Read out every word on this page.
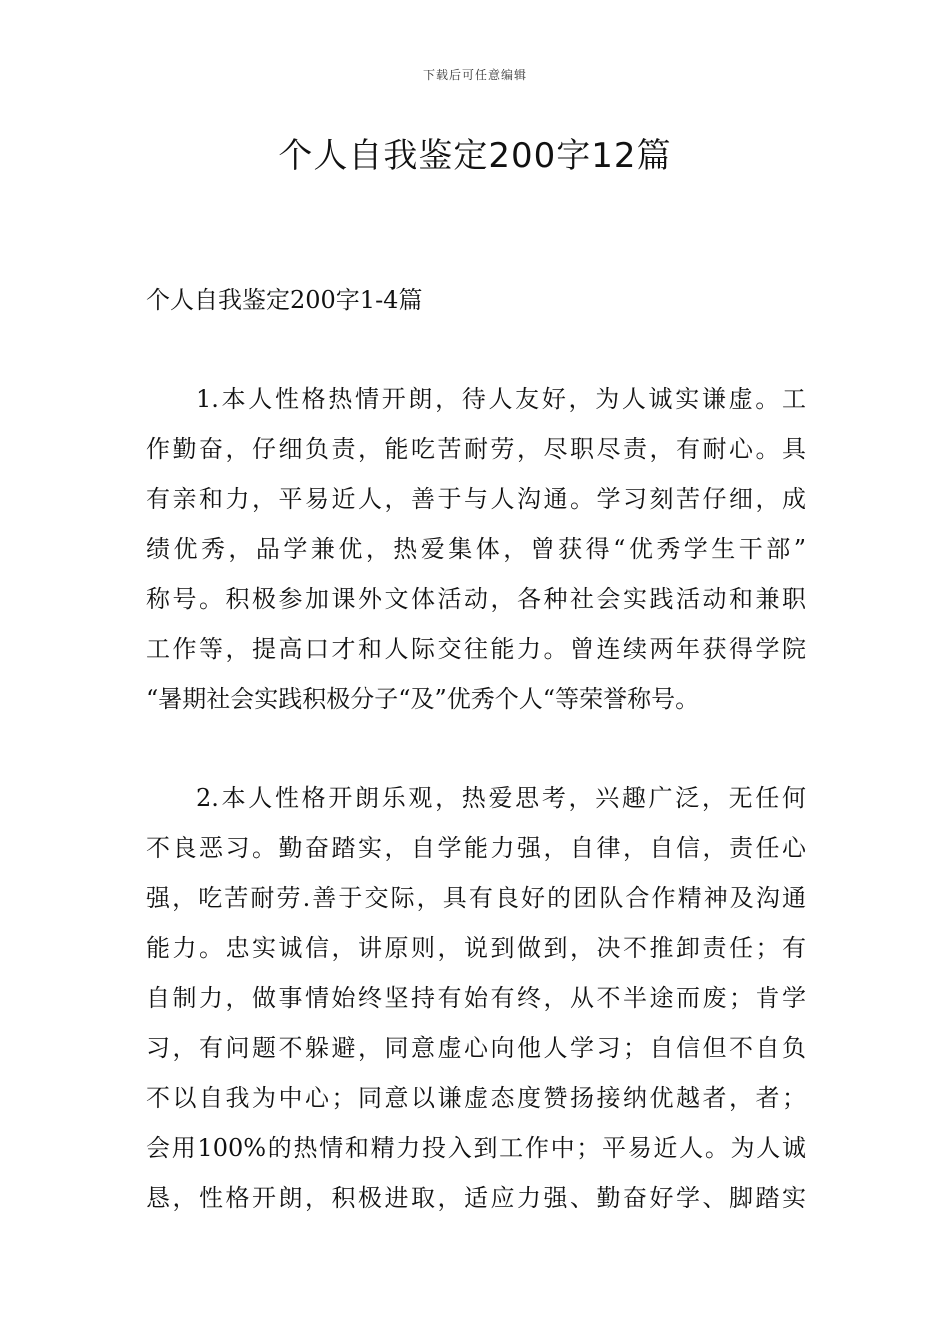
下载后可任意编辑
个人自我鉴定200字12篇
个人自我鉴定200字1-4篇
1.本人性格热情开朗，待人友好，为人诚实谦虚。工
作勤奋，仔细负责，能吃苦耐劳，尽职尽责，有耐心。具
有亲和力，平易近人，善于与人沟通。学习刻苦仔细，成
绩优秀，品学兼优，热爱集体，曾获得“优秀学生干部”
称号。积极参加课外文体活动，各种社会实践活动和兼职
工作等，提高口才和人际交往能力。曾连续两年获得学院
“暑期社会实践积极分子“及”优秀个人“等荣誉称号。
2.本人性格开朗乐观，热爱思考，兴趣广泛，无任何
不良恶习。勤奋踏实，自学能力强，自律，自信，责任心
强，吃苦耐劳.善于交际，具有良好的团队合作精神及沟通
能力。忠实诚信，讲原则，说到做到，决不推卸责任；有
自制力，做事情始终坚持有始有终，从不半途而废；肯学
习，有问题不躲避，同意虚心向他人学习；自信但不自负
不以自我为中心；同意以谦虚态度赞扬接纳优越者，者；
会用100%的热情和精力投入到工作中；平易近人。为人诚
恳，性格开朗，积极进取，适应力强、勤奋好学、脚踏实
